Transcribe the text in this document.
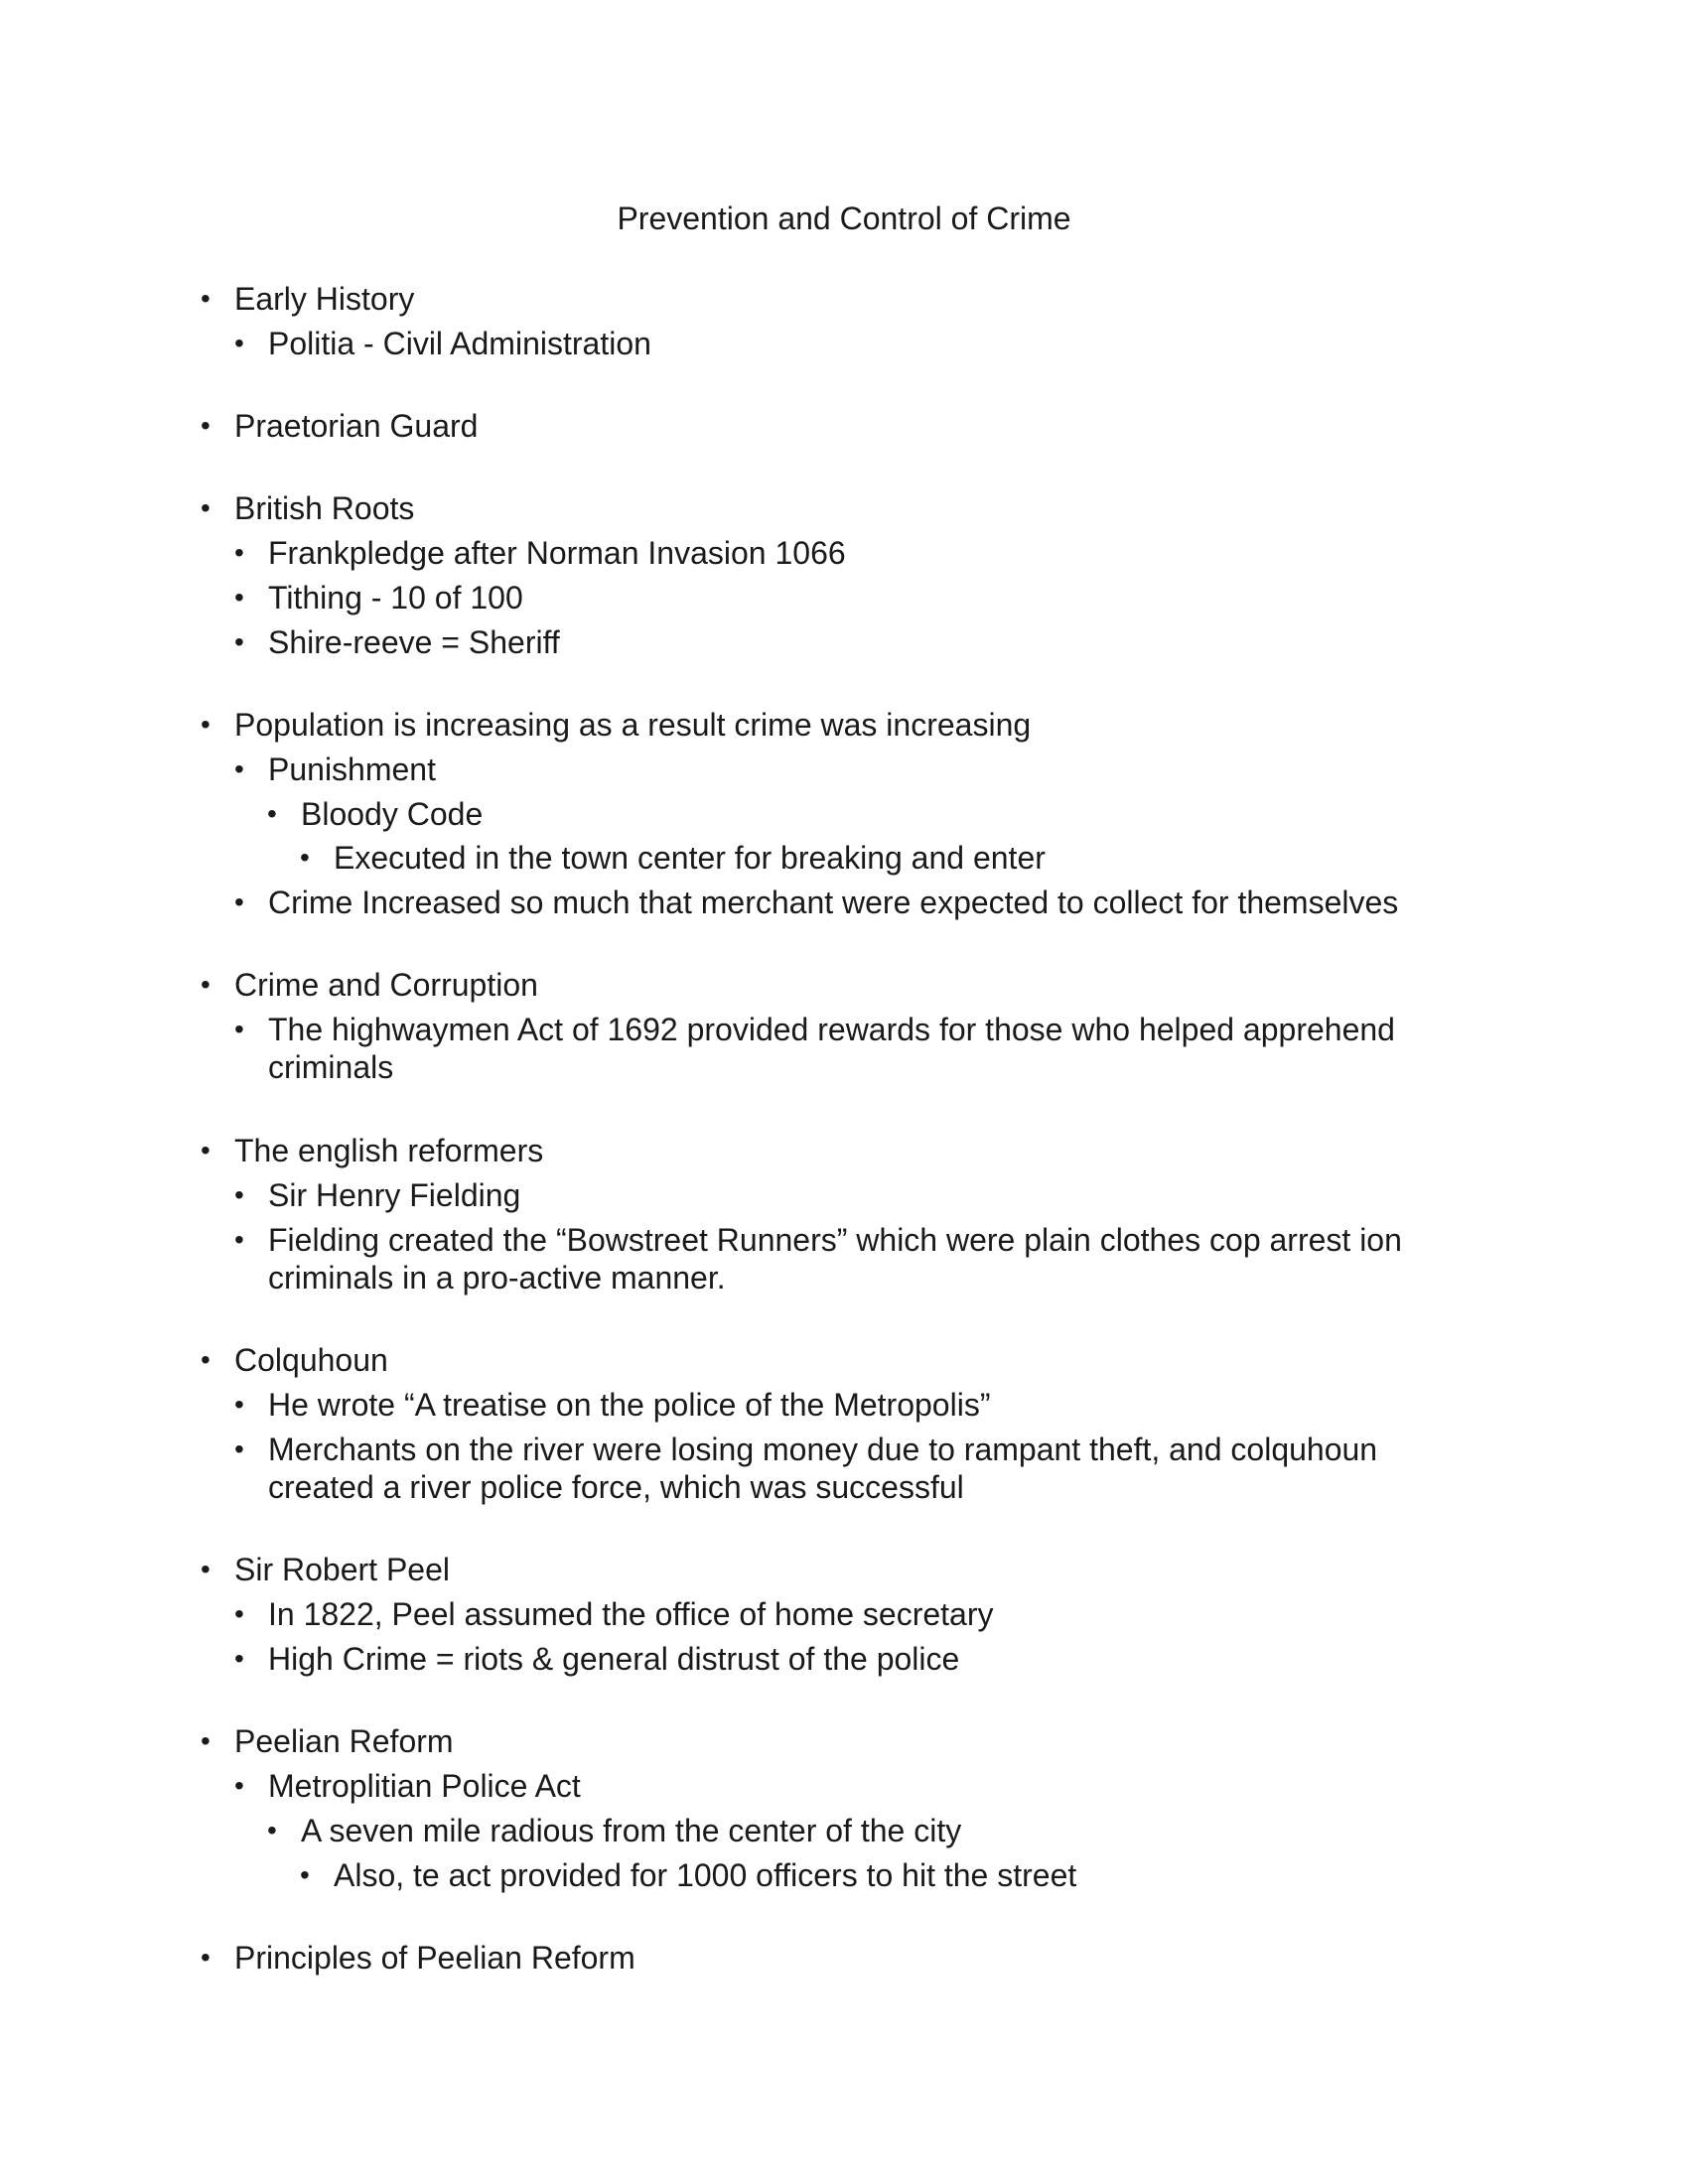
Prevention and Control of Crime
• Early History
• Politia - Civil Administration
• Praetorian Guard
• British Roots
• Frankpledge after Norman Invasion 1066
• Tithing - 10 of 100
• Shire-reeve = Sheriff
• Population is increasing as a result crime was increasing
• Punishment
• Bloody Code
• Executed in the town center for breaking and enter
• Crime Increased so much that merchant were expected to collect for themselves
• Crime and Corruption
• The highwaymen Act of 1692 provided rewards for those who helped apprehend criminals
• The english reformers
• Sir Henry Fielding
• Fielding created the “Bowstreet Runners” which were plain clothes cop arrest ion criminals in a pro-active manner.
• Colquhoun
• He wrote “A treatise on the police of the Metropolis”
• Merchants on the river were losing money due to rampant theft, and colquhoun created a river police force, which was successful
• Sir Robert Peel
• In 1822, Peel assumed the office of home secretary
• High Crime = riots & general distrust of the police
• Peelian Reform
• Metroplitian Police Act
• A seven mile radious from the center of the city
• Also, te act provided for 1000 officers to hit the street
• Principles of Peelian Reform
